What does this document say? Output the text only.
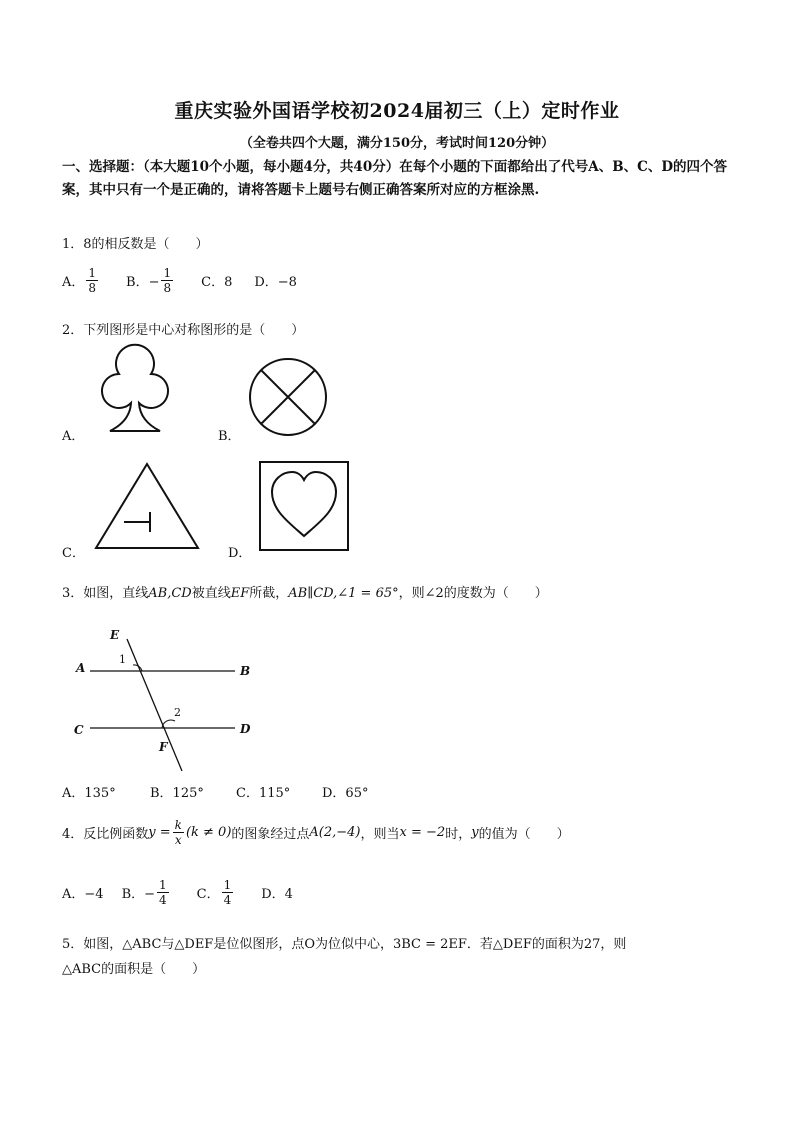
重庆实验外国语学校初2024届初三（上）定时作业
（全卷共四个大题，满分150分，考试时间120分钟）
一、选择题：（本大题10个小题，每小题4分，共40分）在每个小题的下面都给出了代号A、B、C、D的四个答案，其中只有一个是正确的，请将答题卡上题号右侧正确答案所对应的方框涂黑.
1．8的相反数是（　　）
A． $\frac{1}{8}$ B．− $\frac{1}{8}$ C．8 D．−8
2．下列图形是中心对称图形的是（　　）
A．	B．
C．	D．
3．如图，直线AB,CD被直线EF所截，AB∥CD,∠1 = 65°，则∠2的度数为（　　）
E
A	B
C	D
F
1
2
A．135°	B．125° C．115° D．65°
4．反比例函数 $y = \frac{k}{x} (k \ne 0)$ 的图象经过点 A(2,−4) ，则当 x = −2 时， y 的值为（　　）
A．−4 B．− $\frac{1}{4}$ C． $\frac{1}{4}$ D．4
5．如图，△ABC与△DEF是位似图形，点O为位似中心，3BC = 2EF．若△DEF的面积为27，则
△ABC的面积是（　　）
